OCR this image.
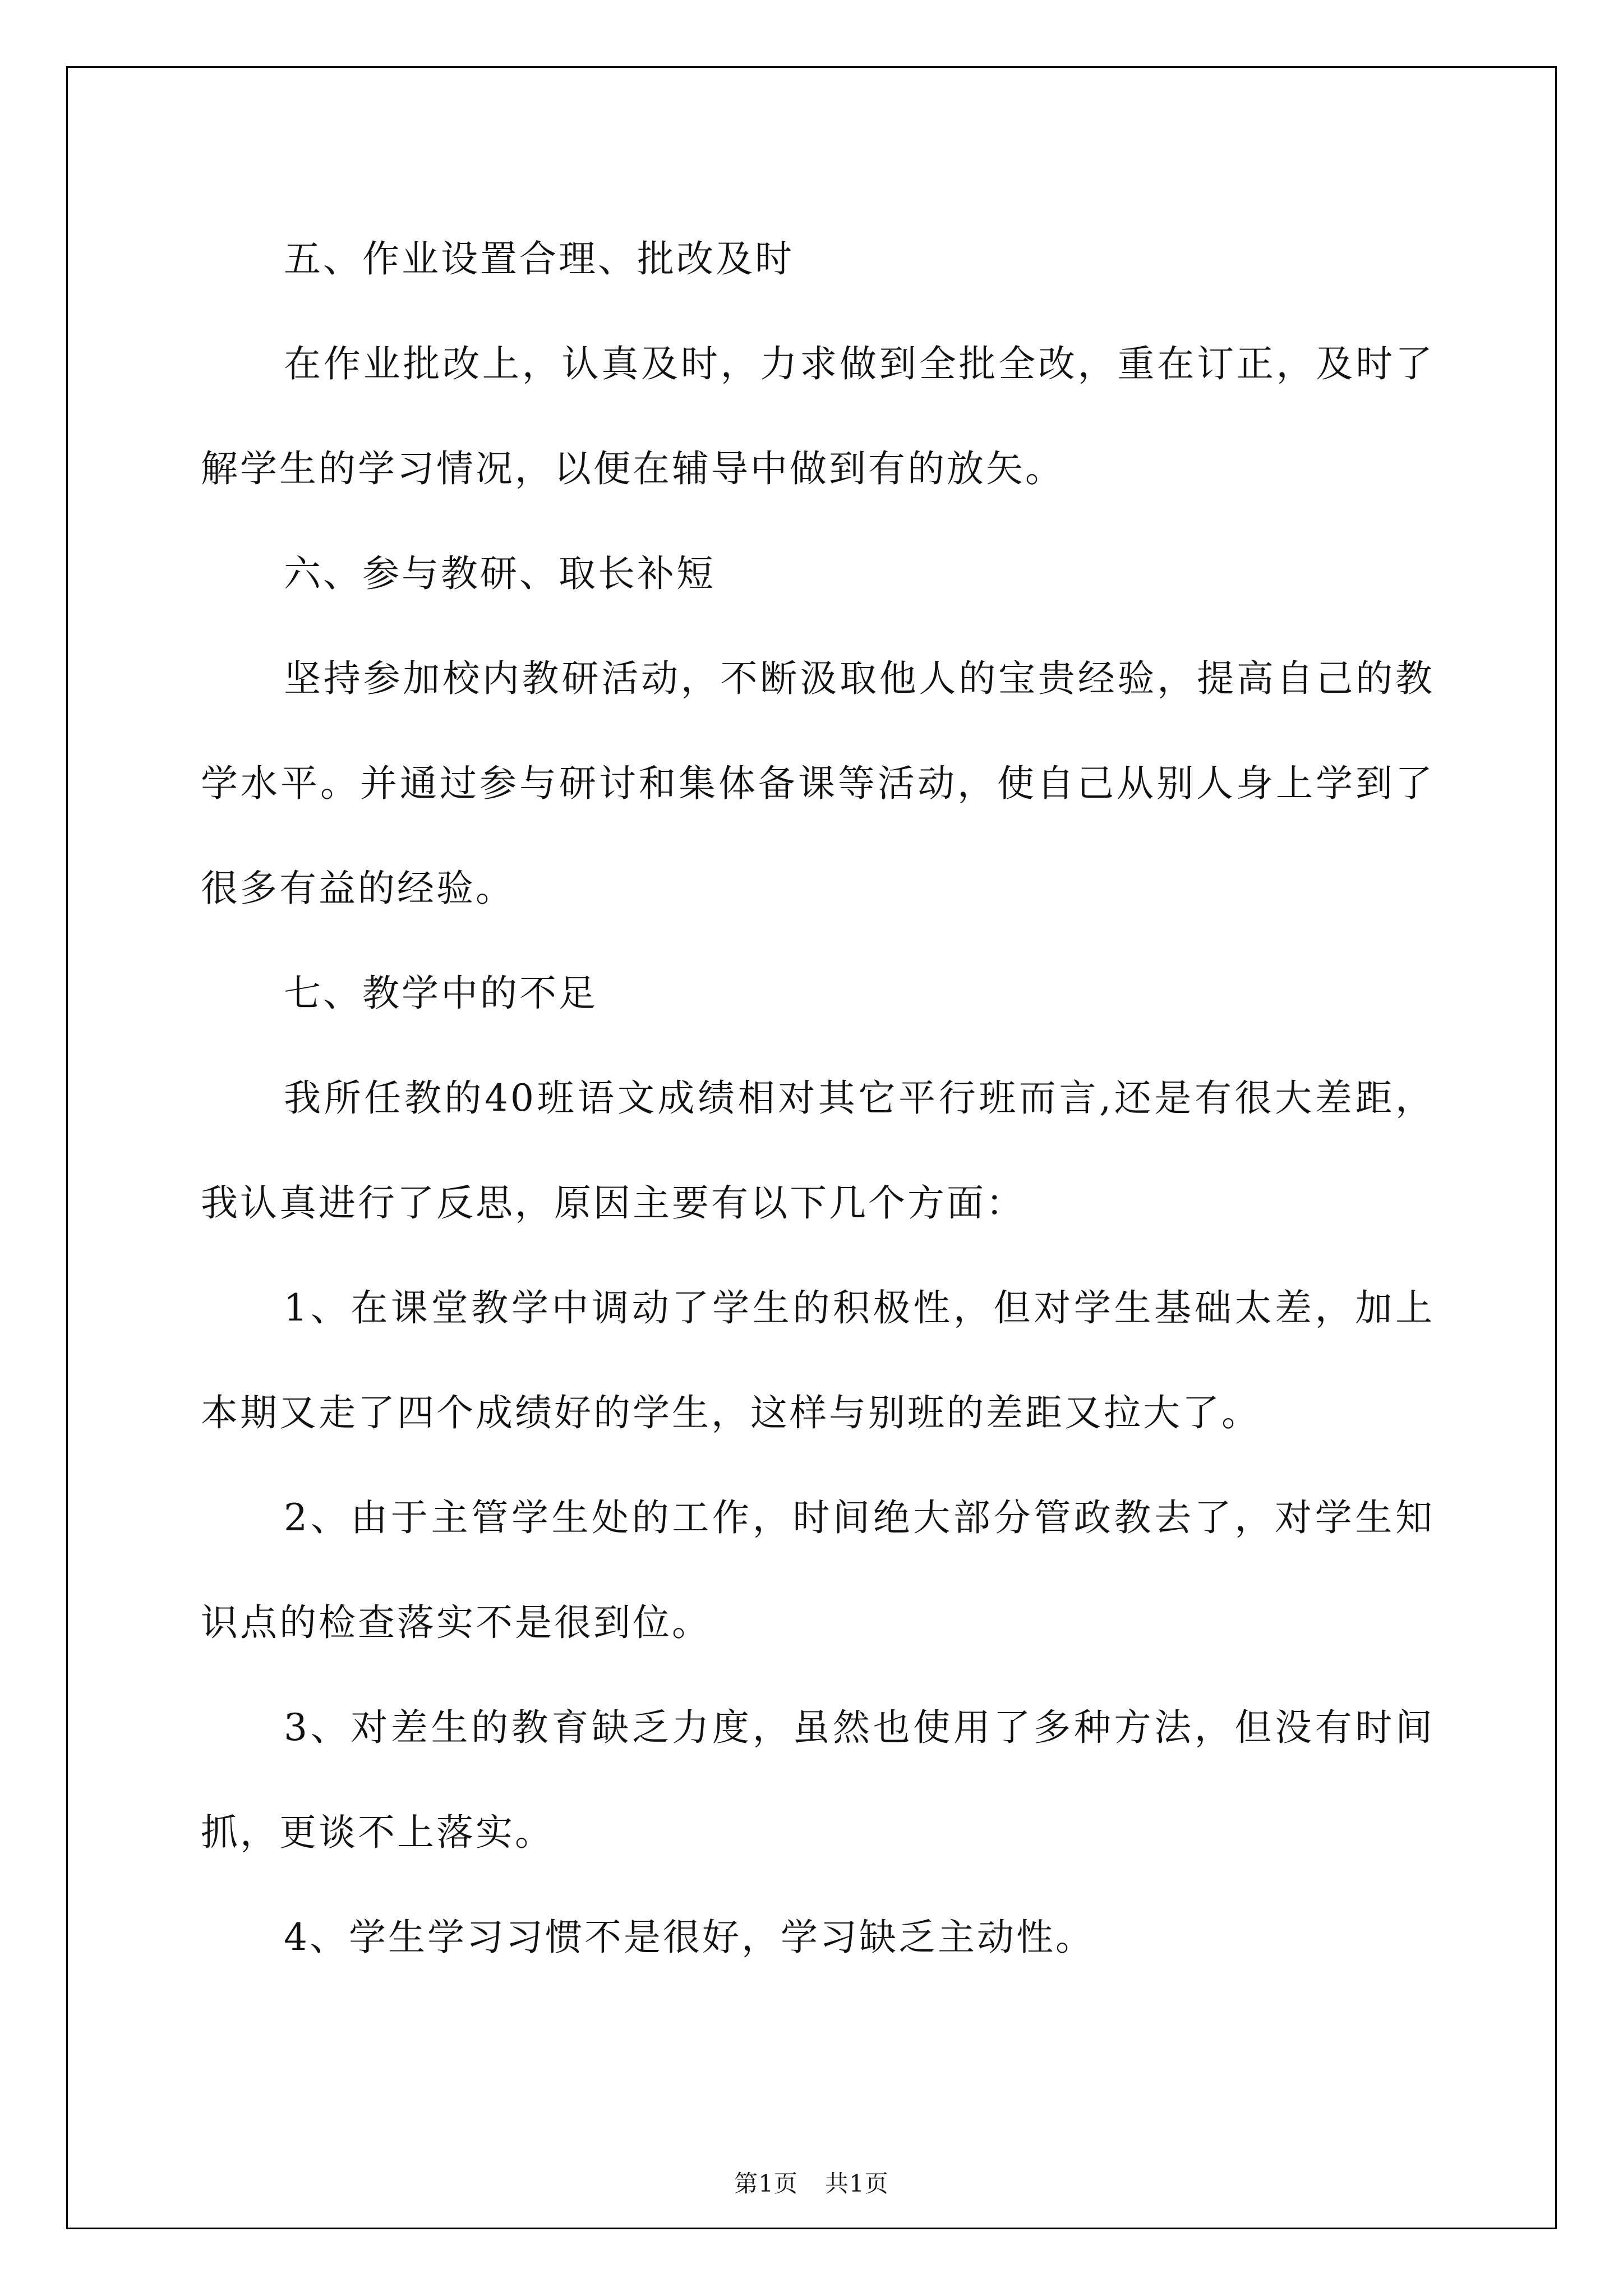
五、作业设置合理、批改及时

在作业批改上，认真及时，力求做到全批全改，重在订正，及时了解学生的学习情况，以便在辅导中做到有的放矢。

六、参与教研、取长补短

坚持参加校内教研活动，不断汲取他人的宝贵经验，提高自己的教学水平。并通过参与研讨和集体备课等活动，使自己从别人身上学到了很多有益的经验。

七、教学中的不足

我所任教的40班语文成绩相对其它平行班而言,还是有很大差距，我认真进行了反思，原因主要有以下几个方面：

1、在课堂教学中调动了学生的积极性，但对学生基础太差，加上本期又走了四个成绩好的学生，这样与别班的差距又拉大了。

2、由于主管学生处的工作，时间绝大部分管政教去了，对学生知识点的检查落实不是很到位。

3、对差生的教育缺乏力度，虽然也使用了多种方法，但没有时间抓，更谈不上落实。

4、学生学习习惯不是很好，学习缺乏主动性。

第1页 共1页
